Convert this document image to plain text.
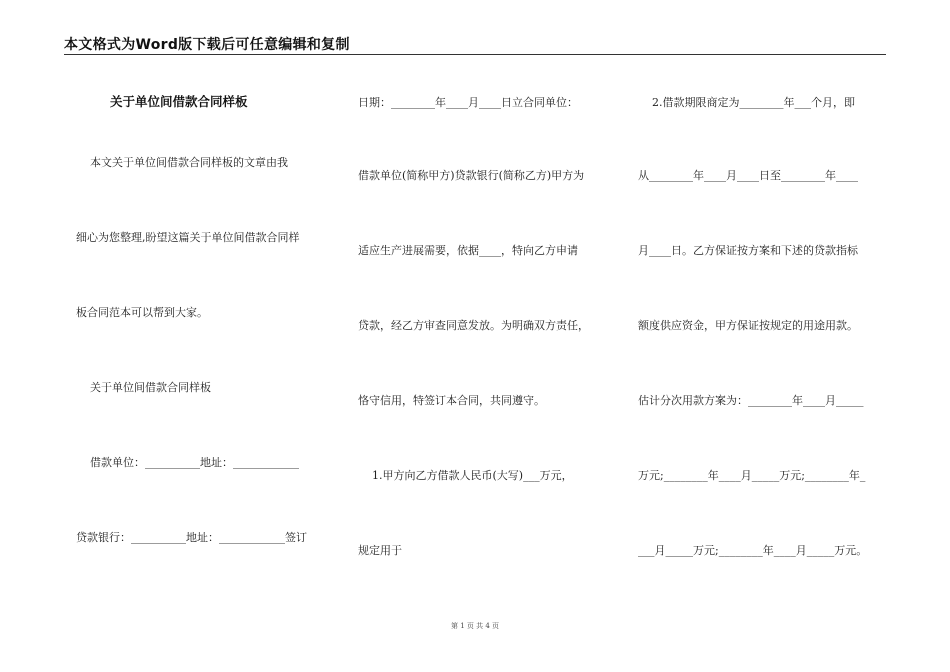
本文格式为Word版下载后可任意编辑和复制
关于单位间借款合同样板
本文关于单位间借款合同样板的文章由我
细心为您整理,盼望这篇关于单位间借款合同样
板合同范本可以帮到大家。
关于单位间借款合同样板
借款单位：__________地址：____________
贷款银行：__________地址：____________签订
日期：________年____月____日立合同单位：
借款单位(简称甲方)贷款银行(简称乙方)甲方为
适应生产进展需要，依据____，特向乙方申请
贷款，经乙方审查同意发放。为明确双方责任，
恪守信用，特签订本合同，共同遵守。
1.甲方向乙方借款人民币(大写)___万元，
规定用于
2.借款期限商定为________年___个月，即
从________年____月____日至________年____
月____日。乙方保证按方案和下述的贷款指标
额度供应资金，甲方保证按规定的用途用款。
估计分次用款方案为：________年____月_____
万元;________年____月_____万元;________年_
___月_____万元;________年____月_____万元。
第 1 页 共 4 页
